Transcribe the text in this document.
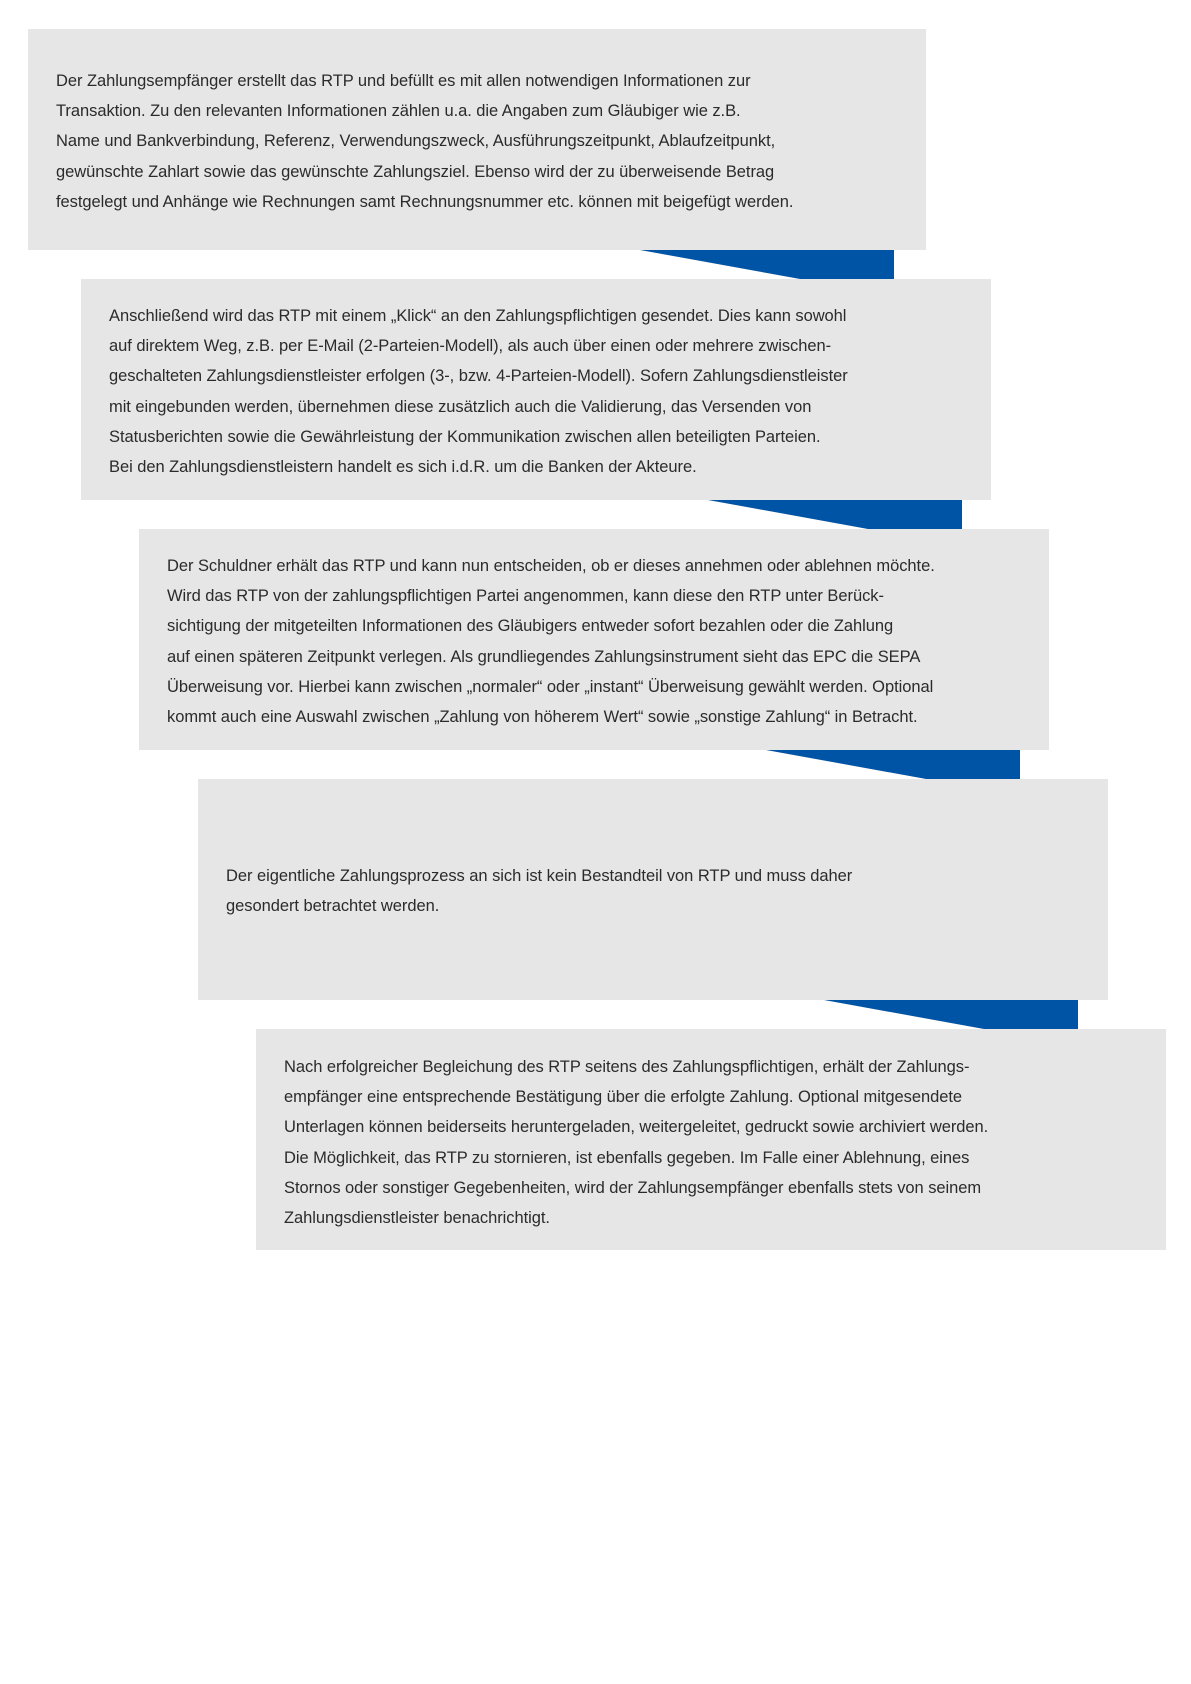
Der Zahlungsempfänger erstellt das RTP und befüllt es mit allen notwendigen Informationen zur
Transaktion. Zu den relevanten Informationen zählen u.a. die Angaben zum Gläubiger wie z.B.
Name und Bankverbindung, Referenz, Verwendungszweck, Ausführungszeitpunkt, Ablaufzeitpunkt,
gewünschte Zahlart sowie das gewünschte Zahlungsziel. Ebenso wird der zu überweisende Betrag
festgelegt und Anhänge wie Rechnungen samt Rechnungsnummer etc. können mit beigefügt werden.

Anschließend wird das RTP mit einem „Klick“ an den Zahlungspflichtigen gesendet. Dies kann sowohl
auf direktem Weg, z.B. per E-Mail (2-Parteien-Modell), als auch über einen oder mehrere zwischen-
geschalteten Zahlungsdienstleister erfolgen (3-, bzw. 4-Parteien-Modell). Sofern Zahlungsdienstleister
mit eingebunden werden, übernehmen diese zusätzlich auch die Validierung, das Versenden von
Statusberichten sowie die Gewährleistung der Kommunikation zwischen allen beteiligten Parteien.
Bei den Zahlungsdienstleistern handelt es sich i.d.R. um die Banken der Akteure.

Der Schuldner erhält das RTP und kann nun entscheiden, ob er dieses annehmen oder ablehnen möchte.
Wird das RTP von der zahlungspflichtigen Partei angenommen, kann diese den RTP unter Berück-
sichtigung der mitgeteilten Informationen des Gläubigers entweder sofort bezahlen oder die Zahlung
auf einen späteren Zeitpunkt verlegen. Als grundliegendes Zahlungsinstrument sieht das EPC die SEPA
Überweisung vor. Hierbei kann zwischen „normaler“ oder „instant“ Überweisung gewählt werden. Optional
kommt auch eine Auswahl zwischen „Zahlung von höherem Wert“ sowie „sonstige Zahlung“ in Betracht.

Der eigentliche Zahlungsprozess an sich ist kein Bestandteil von RTP und muss daher
gesondert betrachtet werden.

Nach erfolgreicher Begleichung des RTP seitens des Zahlungspflichtigen, erhält der Zahlungs-
empfänger eine entsprechende Bestätigung über die erfolgte Zahlung. Optional mitgesendete
Unterlagen können beiderseits heruntergeladen, weitergeleitet, gedruckt sowie archiviert werden.
Die Möglichkeit, das RTP zu stornieren, ist ebenfalls gegeben. Im Falle einer Ablehnung, eines
Stornos oder sonstiger Gegebenheiten, wird der Zahlungsempfänger ebenfalls stets von seinem
Zahlungsdienstleister benachrichtigt.
